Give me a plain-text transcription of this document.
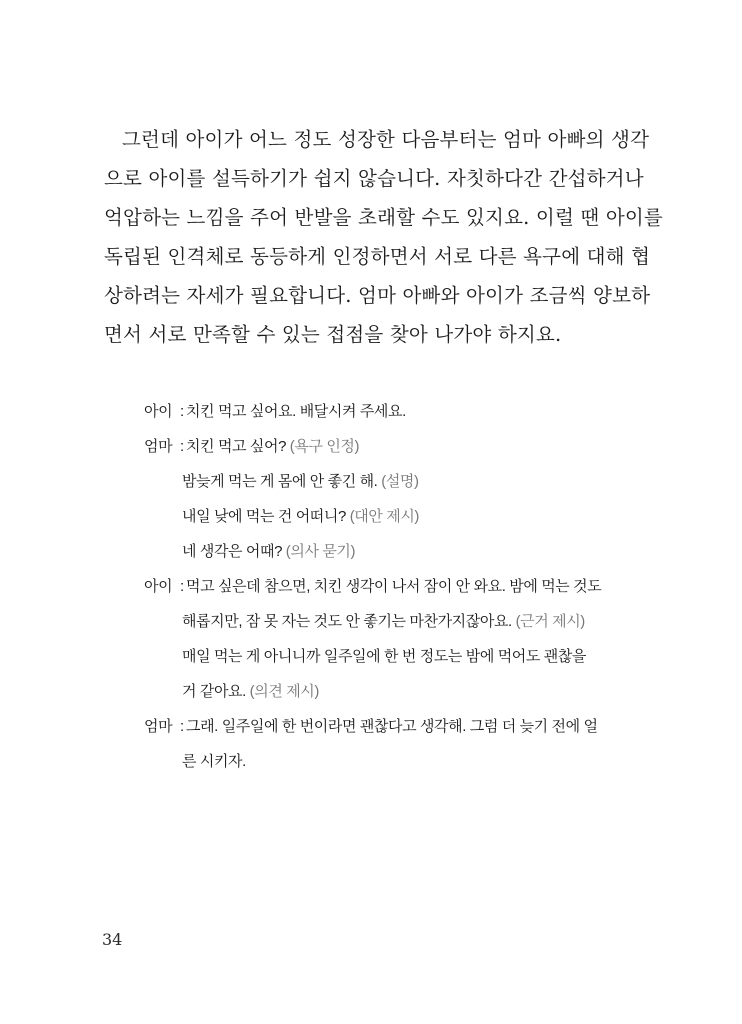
그런데 아이가 어느 정도 성장한 다음부터는 엄마 아빠의 생각
으로 아이를 설득하기가 쉽지 않습니다. 자칫하다간 간섭하거나
억압하는 느낌을 주어 반발을 초래할 수도 있지요. 이럴 땐 아이를
독립된 인격체로 동등하게 인정하면서 서로 다른 욕구에 대해 협
상하려는 자세가 필요합니다. 엄마 아빠와 아이가 조금씩 양보하
면서 서로 만족할 수 있는 접점을 찾아 나가야 하지요.
아이 : 치킨 먹고 싶어요. 배달시켜 주세요.
엄마 : 치킨 먹고 싶어? (욕구 인정)
밤늦게 먹는 게 몸에 안 좋긴 해. (설명)
내일 낮에 먹는 건 어떠니? (대안 제시)
네 생각은 어때? (의사 묻기)
아이 : 먹고 싶은데 참으면, 치킨 생각이 나서 잠이 안 와요. 밤에 먹는 것도
해롭지만, 잠 못 자는 것도 안 좋기는 마찬가지잖아요. (근거 제시)
매일 먹는 게 아니니까 일주일에 한 번 정도는 밤에 먹어도 괜찮을
거 같아요. (의견 제시)
엄마 : 그래. 일주일에 한 번이라면 괜찮다고 생각해. 그럼 더 늦기 전에 얼
른 시키자.
34
